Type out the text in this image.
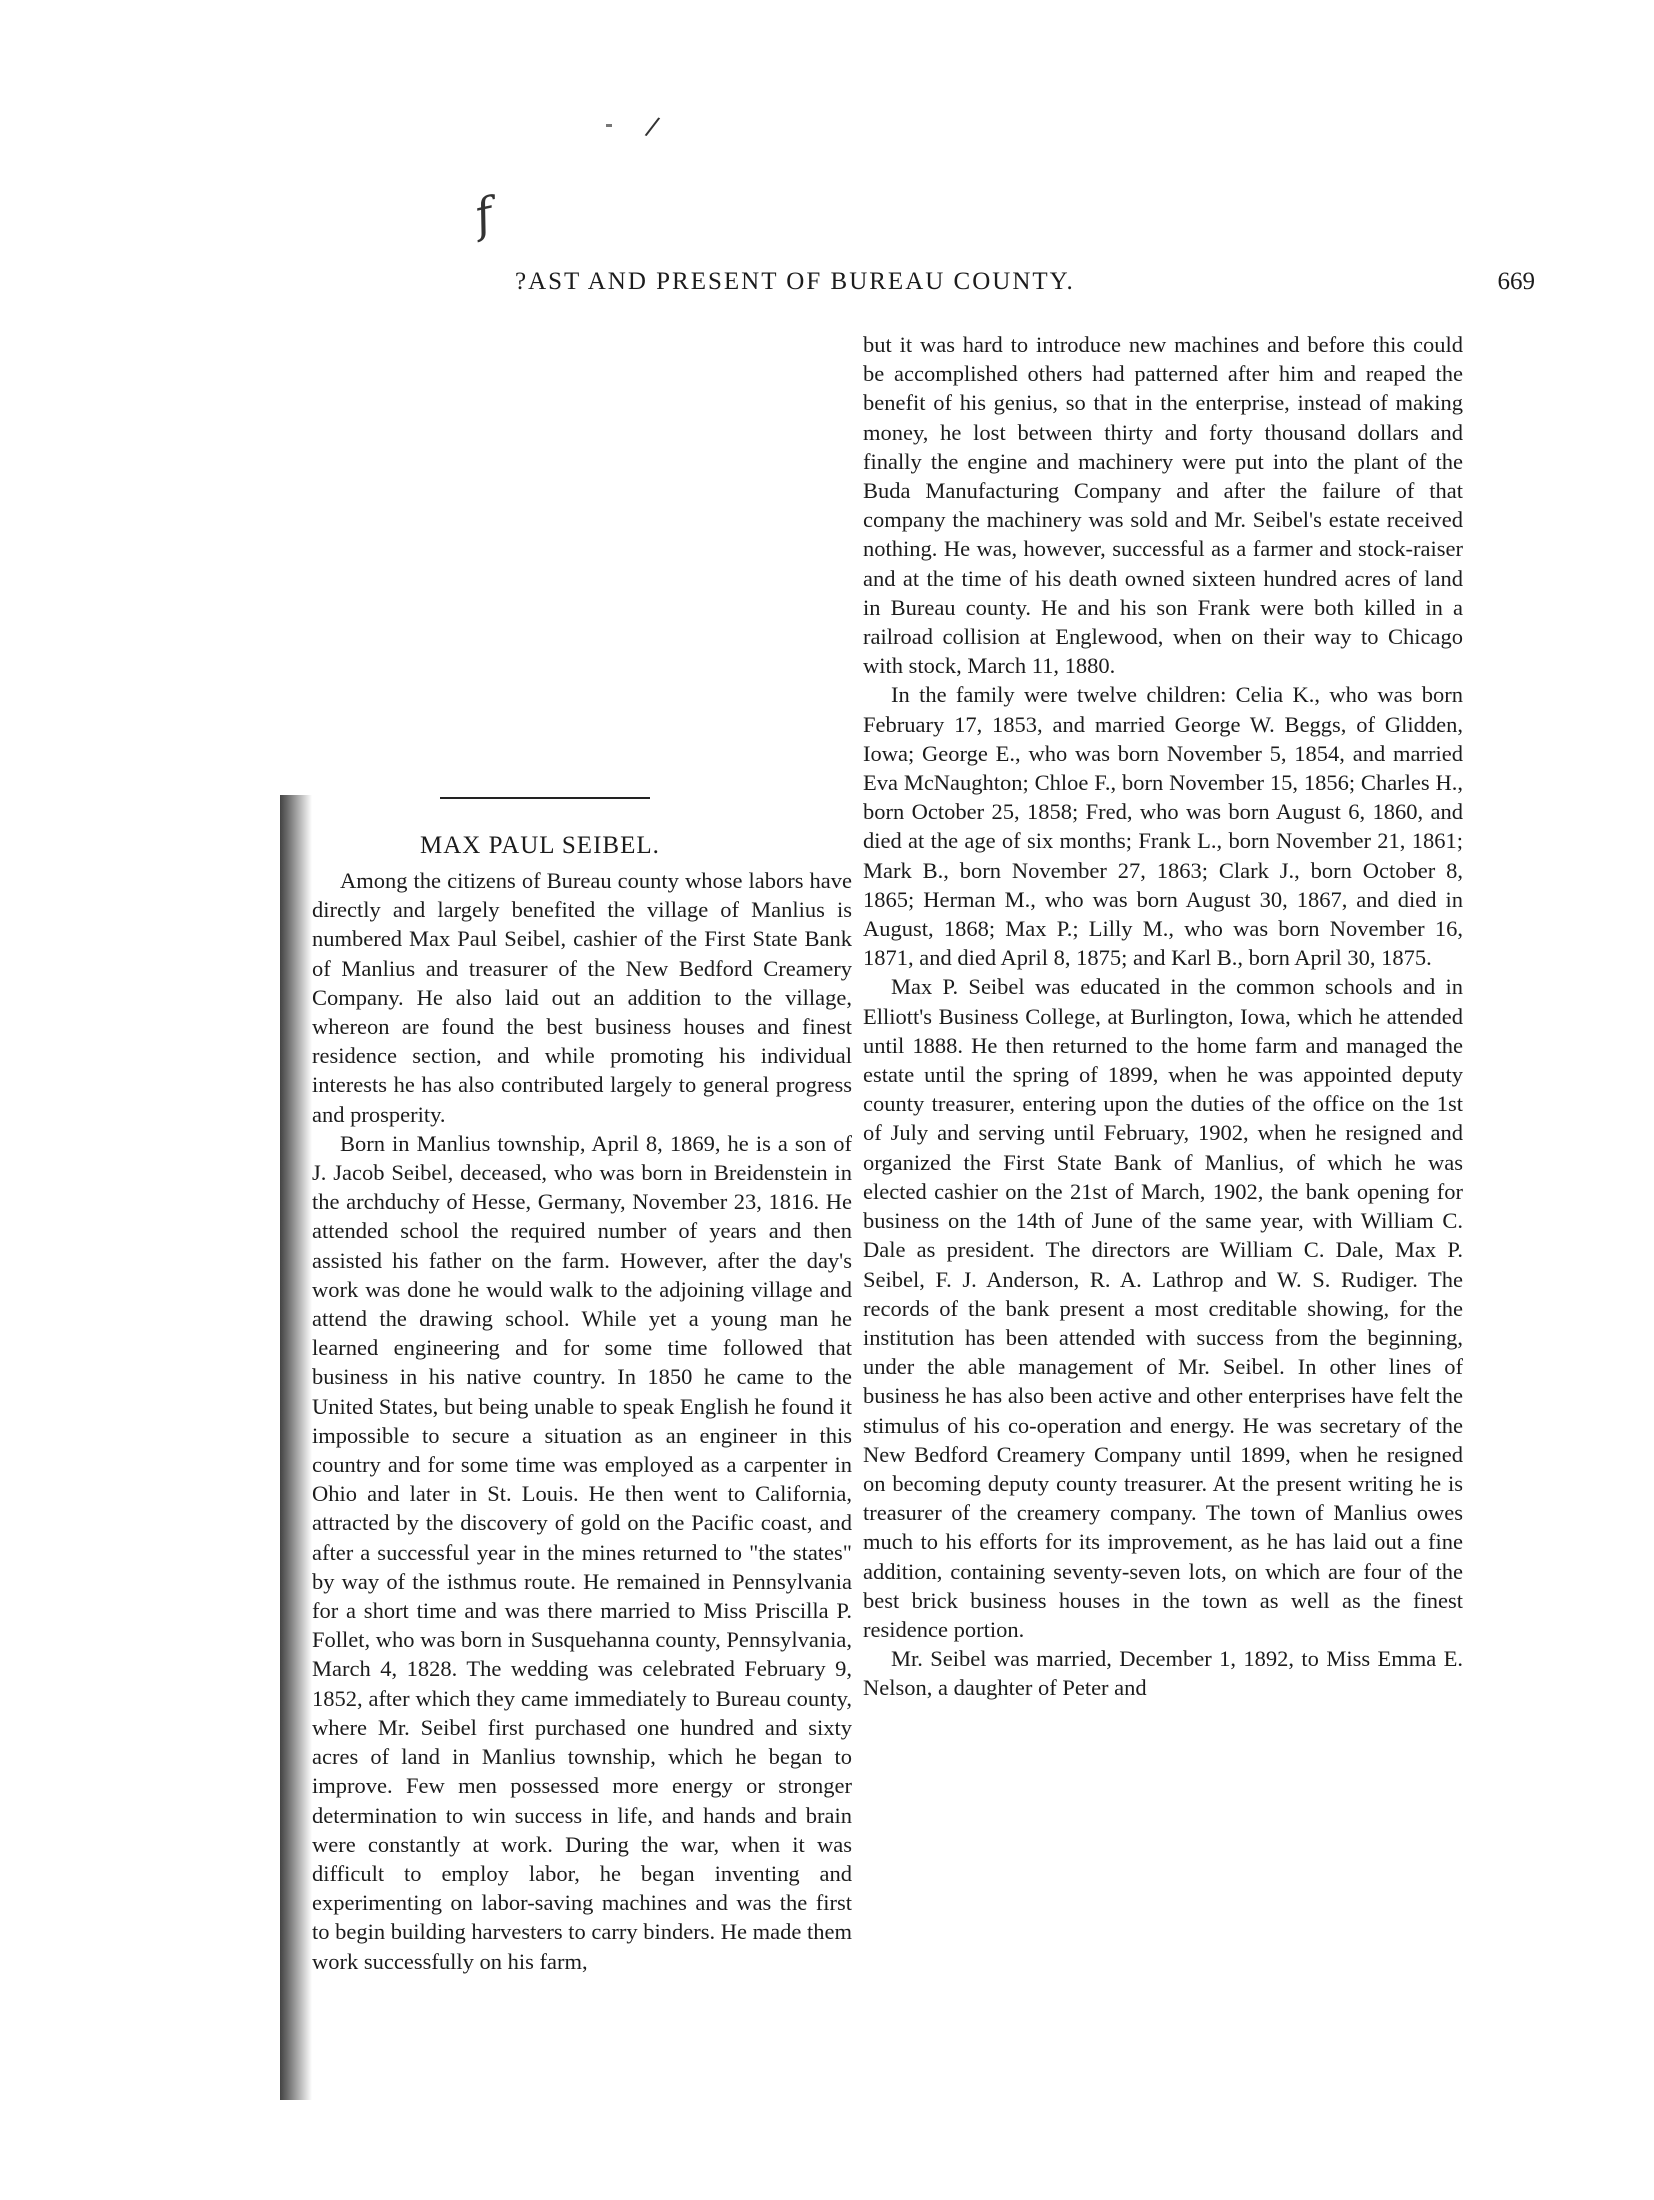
/
f
?AST AND PRESENT OF BUREAU COUNTY.	669
MAX PAUL SEIBEL.

Among the citizens of Bureau county whose labors have directly and largely benefited the village of Manlius is numbered Max Paul Seibel, cashier of the First State Bank of Manlius and treasurer of the New Bedford Creamery Company. He also laid out an addition to the village, whereon are found the best business houses and finest residence section, and while promoting his individual interests he has also contributed largely to general progress and prosperity.

Born in Manlius township, April 8, 1869, he is a son of J. Jacob Seibel, deceased, who was born in Breidenstein in the archduchy of Hesse, Germany, November 23, 1816. He attended school the required number of years and then assisted his father on the farm. However, after the day's work was done he would walk to the adjoining village and attend the drawing school. While yet a young man he learned engineering and for some time followed that business in his native country. In 1850 he came to the United States, but being unable to speak English he found it impossible to secure a situation as an engineer in this country and for some time was employed as a carpenter in Ohio and later in St. Louis. He then went to California, attracted by the discovery of gold on the Pacific coast, and after a successful year in the mines returned to "the states" by way of the isthmus route. He remained in Pennsylvania for a short time and was there married to Miss Priscilla P. Follet, who was born in Susquehanna county, Pennsylvania, March 4, 1828. The wedding was celebrated February 9, 1852, after which they came immediately to Bureau county, where Mr. Seibel first purchased one hundred and sixty acres of land in Manlius township, which he began to improve. Few men possessed more energy or stronger determination to win success in life, and hands and brain were constantly at work. During the war, when it was difficult to employ labor, he began inventing and experimenting on labor-saving machines and was the first to begin building harvesters to carry binders. He made them work successfully on his farm,

but it was hard to introduce new machines and before this could be accomplished others had patterned after him and reaped the benefit of his genius, so that in the enterprise, instead of making money, he lost between thirty and forty thousand dollars and finally the engine and machinery were put into the plant of the Buda Manufacturing Company and after the failure of that company the machinery was sold and Mr. Seibel's estate received nothing. He was, however, successful as a farmer and stock-raiser and at the time of his death owned sixteen hundred acres of land in Bureau county. He and his son Frank were both killed in a railroad collision at Englewood, when on their way to Chicago with stock, March 11, 1880.

In the family were twelve children: Celia K., who was born February 17, 1853, and married George W. Beggs, of Glidden, Iowa; George E., who was born November 5, 1854, and married Eva McNaughton; Chloe F., born November 15, 1856; Charles H., born October 25, 1858; Fred, who was born August 6, 1860, and died at the age of six months; Frank L., born November 21, 1861; Mark B., born November 27, 1863; Clark J., born October 8, 1865; Herman M., who was born August 30, 1867, and died in August, 1868; Max P.; Lilly M., who was born November 16, 1871, and died April 8, 1875; and Karl B., born April 30, 1875.

Max P. Seibel was educated in the common schools and in Elliott's Business College, at Burlington, Iowa, which he attended until 1888. He then returned to the home farm and managed the estate until the spring of 1899, when he was appointed deputy county treasurer, entering upon the duties of the office on the 1st of July and serving until February, 1902, when he resigned and organized the First State Bank of Manlius, of which he was elected cashier on the 21st of March, 1902, the bank opening for business on the 14th of June of the same year, with William C. Dale as president. The directors are William C. Dale, Max P. Seibel, F. J. Anderson, R. A. Lathrop and W. S. Rudiger. The records of the bank present a most creditable showing, for the institution has been attended with success from the beginning, under the able management of Mr. Seibel. In other lines of business he has also been active and other enterprises have felt the stimulus of his co-operation and energy. He was secretary of the New Bedford Creamery Company until 1899, when he resigned on becoming deputy county treasurer. At the present writing he is treasurer of the creamery company. The town of Manlius owes much to his efforts for its improvement, as he has laid out a fine addition, containing seventy-seven lots, on which are four of the best brick business houses in the town as well as the finest residence portion.

Mr. Seibel was married, December 1, 1892, to Miss Emma E. Nelson, a daughter of Peter and
